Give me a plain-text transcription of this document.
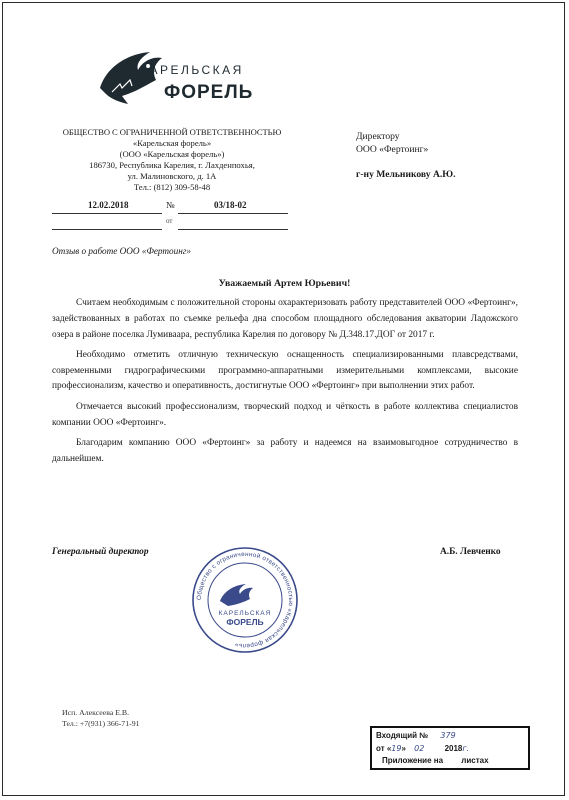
КАРЕЛЬСКАЯ
ФОРЕЛЬ
ОБЩЕСТВО С ОГРАНИЧЕННОЙ ОТВЕТСТВЕННОСТЬЮ
«Карельская форель»
(ООО «Карельская форель»)
186730, Республика Карелия, г. Лахденпохья,
ул. Малиновского, д. 1А
Тел.: (812) 309-58-48
Директору
ООО «Фертоинг»
г-ну Мельникову А.Ю.
12.02.2018	№	03/18-02
от
Отзыв о работе ООО «Фертоинг»
Уважаемый Артем Юрьевич!

Считаем необходимым с положительной стороны охарактеризовать работу представителей ООО «Фертоинг», задействованных в работах по съемке рельефа дна способом площадного обследования акватории Ладожского озера в районе поселка Лумиваара, республика Карелия по договору № Д.348.17.ДОГ от 2017 г.

Необходимо отметить отличную техническую оснащенность специализированными плавсредствами, современными гидрографическими программно-аппаратными измерительными комплексами, высокие профессионализм, качество и оперативность, достигнутые ООО «Фертоинг» при выполнении этих работ.

Отмечается высокий профессионализм, творческий подход и чёткость в работе коллектива специалистов компании ООО «Фертоинг».

Благодарим компанию ООО «Фертоинг» за работу и надеемся на взаимовыгодное сотрудничество в дальнейшем.

Генеральный директор	А.Б. Левченко
Общество с ограниченной ответственностью «Карельская форель»
КАРЕЛЬСКАЯ
ФОРЕЛЬ
Исп. Алексеева Е.В.
Тел.: +7(931) 366-71-91
Входящий № 379
от «19» 02	2018г.
Приложение на листах
